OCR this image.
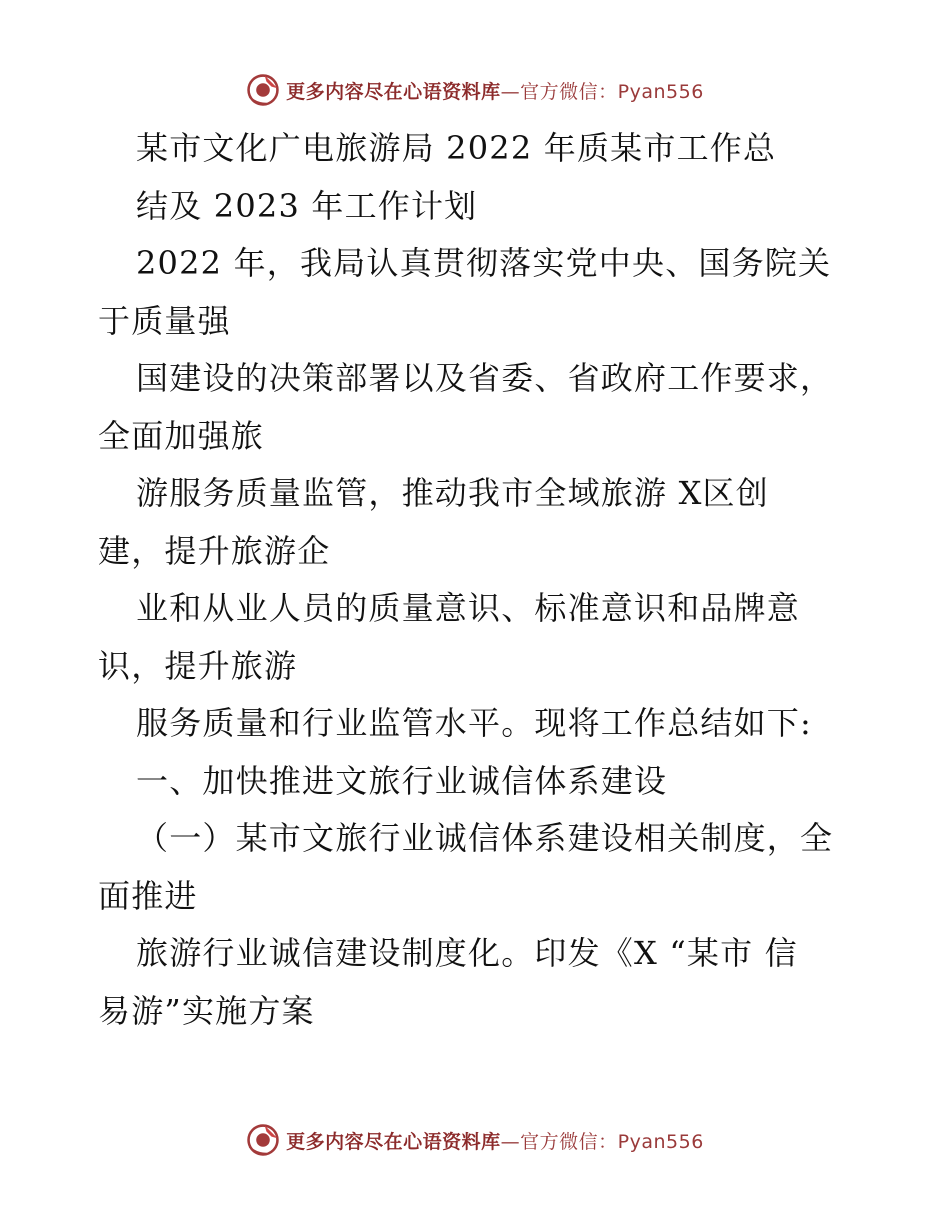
更多内容尽在心语资料库—官方微信：Pyan556
某市文化广电旅游局 2022 年质某市工作总
结及 2023 年工作计划
2022 年，我局认真贯彻落实党中央、国务院关
于质量强
国建设的决策部署以及省委、省政府工作要求，
全面加强旅
游服务质量监管，推动我市全域旅游 X区创
建，提升旅游企
业和从业人员的质量意识、标准意识和品牌意
识，提升旅游
服务质量和行业监管水平。现将工作总结如下:
一、加快推进文旅行业诚信体系建设
（一）某市文旅行业诚信体系建设相关制度，全
面推进
旅游行业诚信建设制度化。印发《X “某市 信
易游”实施方案
更多内容尽在心语资料库—官方微信：Pyan556
